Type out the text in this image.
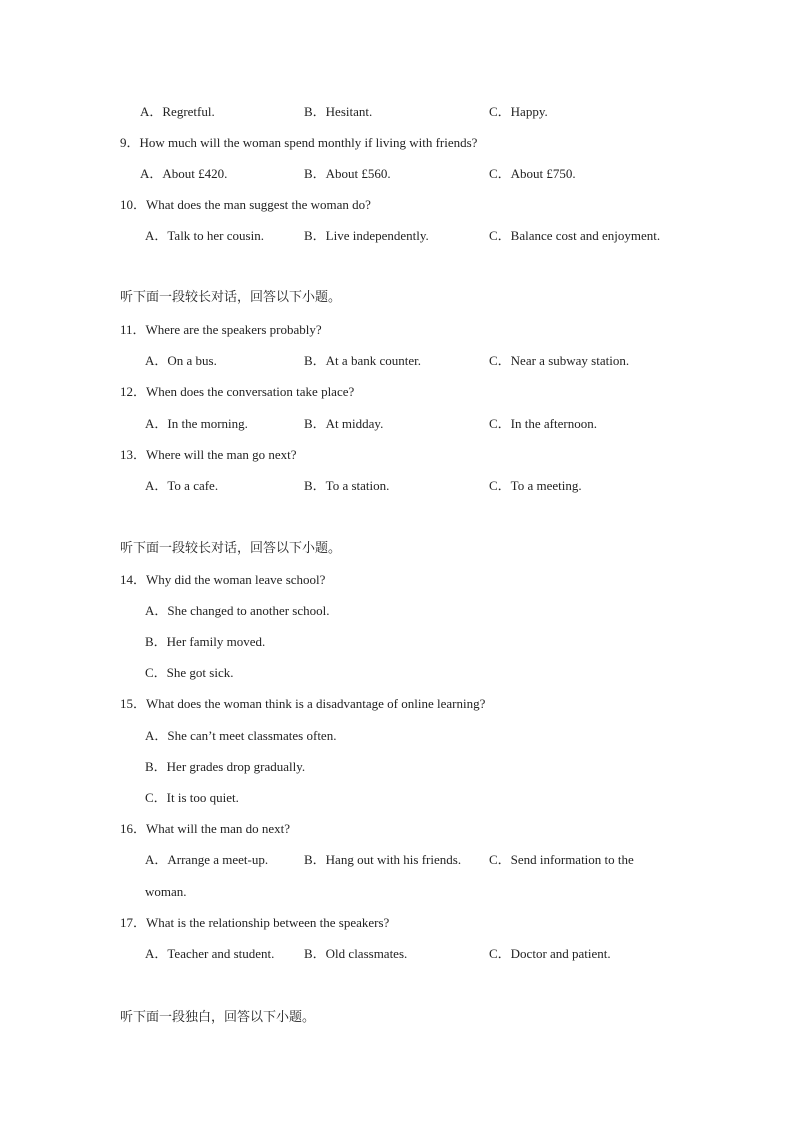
A．Regretful.	B．Hesitant.	C．Happy.
9．How much will the woman spend monthly if living with friends?
A．About £420.	B．About £560.	C．About £750.
10．What does the man suggest the woman do?
A．Talk to her cousin.	B．Live independently.	C．Balance cost and enjoyment.
听下面一段较长对话，回答以下小题。
11．Where are the speakers probably?
A．On a bus.	B．At a bank counter.	C．Near a subway station.
12．When does the conversation take place?
A．In the morning.	B．At midday.	C．In the afternoon.
13．Where will the man go next?
A．To a cafe.	B．To a station.	C．To a meeting.
听下面一段较长对话，回答以下小题。
14．Why did the woman leave school?
A．She changed to another school.
B．Her family moved.
C．She got sick.
15．What does the woman think is a disadvantage of online learning?
A．She can’t meet classmates often.
B．Her grades drop gradually.
C．It is too quiet.
16．What will the man do next?
A．Arrange a meet-up.	B．Hang out with his friends. C．Send information to the
woman.
17．What is the relationship between the speakers?
A．Teacher and student. B．Old classmates.	C．Doctor and patient.
听下面一段独白，回答以下小题。
